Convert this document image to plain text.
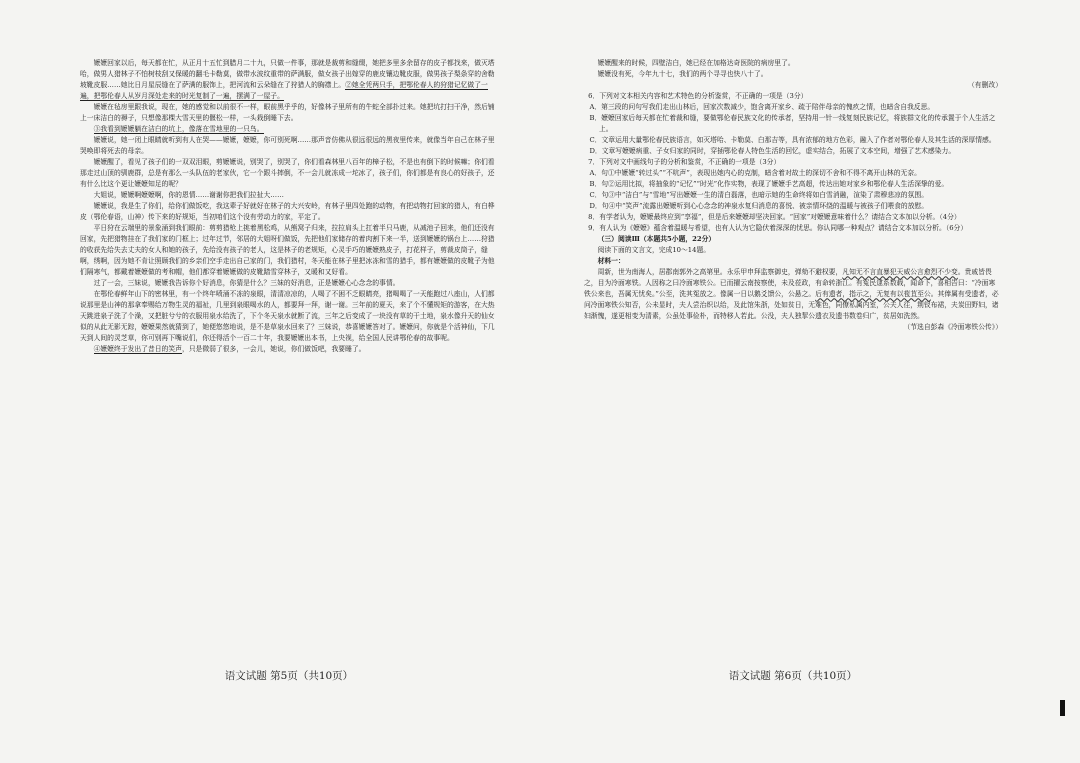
嬷嬷回家以后，每天都在忙，从正月十五忙到腊月二十九，只做一件事，那就是裁剪和缝缀，她把多里多余留存的皮子都找来，做灭塔哈，做男人猎林子不怕树枝刮又保暖的翻毛卡勒莫，做带水波纹重带的萨满服，做女孩子出嫁穿的鹿皮镶边靴皮服，做男孩子梨条穿的舍勒坡靴皮服……她比日月星辰缝在了萨满的服饰上，把河流和云朵缝在了狩猎人的胸襟上。②她全凭两只手，把鄂伦春人的狩猎记忆做了一遍，把鄂伦春人从岁月深处走来的时光复制了一遍，摆满了一屋子。

嬷嬷在毡房里跟我说，现在，她的感觉和以前很不一样，眼前黑乎乎的，好像林子里所有的牛蛇全部扑过来。她把坑打扫干净，然后铺上一床洁白的褥子，只想像那棵大雪天里的偃松一样，一头栽倒睡下去。

③我看到嬷嬷躺在洁白的坑上，像落在雪地里的一只鸟。

嬷嬷说，她一闭上眼睛就听到有人在哭——嬷嬷，嬷嬷，你可别死啊……那声音仿佛从很远很远的黑夜里传来，就像当年自己在林子里哭唤即将死去的母亲。

嬷嬷醒了，看见了孩子们的一双双泪眼，剪嬷嬷说，别哭了，别哭了，你们看森林里八百年的樟子松，不是也有倒下的时候嘛；你们看那走过山顶的驯鹿群，总是有那么一头队伍的老家伙，它一个跟斗摔倒，不一会儿就冻成一坨冰了，孩子们，你们都是有良心的好孩子，还有什么比这个更让嬷嬷知足的呢？

大姐说，嬷嬷啊嬷嬷啊，你的恩情……谢谢你把我们拉扯大……

嬷嬷说，我是生了你们，给你们做饭吃，我这辈子好就好在林子的大兴安岭，有林子里四处跑的动物，有把动物打回家的猎人，有白桦皮（鄂伦春语，山神）传下来的好规矩，当初咱们这个没有劳动力的家，平定了。

平日狩在云端里的景象涌到我们眼前：剪剪猎枪上挑着黑松鸡，从熊窝子归来，拉拉肩头上扛着半只马鹿，从减池子回来，他们还没有回家，先把猎物挂在了我们家的门框上；过年过节，邻居的大姐呀们做饭，先把他们家储存的着肉割下来一半，送到嬷嬷的锅台上……狩猎的收获先给失去丈夫的女人和她的孩子，先给没有孩子的老人，这是林子的老规矩，心灵手巧的嬷嬷熟皮子，打花样子，剪裁皮筒子，缝啊，绣啊，因为她不肯让照顾我们的乡亲们空手走出自己家的门，我们猎村，冬天能在林子里把冰冻和雪的猎手，都有嬷嬷做的皮靴子为他们隔寒气，都戴着嬷嬷做的考和帽，他们都穿着嬷嬷做的皮靴踏雪穿林子，又暖和又好看。

过了一会，三妹说，嬷嬷我告诉你个好消息，你猜是什么？三妹的好消息，正是嬷嬷心心念念的事情。

在鄂伦春鲜年山下的密林里，有一个终年喷涌不冻的泉眼，清清凉凉的，人喝了不困不乏眼睛亮，猪喝喝了一天能跑过八座山，人们都说那里是山神的那拿奉赐给万物生灵的福祉，几里到泉眼喝水的人，都要拜一拜，谢一谢。三年前的夏天，来了个不懂规矩的游客，在大热天跳进泉子洗了个澡，又把脏兮兮的衣服用泉水给洗了，下个冬天泉水就断了流，三年之后变成了一块没有草的干土地，泉水像升天的仙女似的从此无影无踪，嬷嬷果然就猜到了，她便悠悠地说，是不是草泉水回来了？三妹说，恭喜嬷嬷答对了。嬷嬷问，你就是个活神仙，下几天到人间的灵芝草，你可别再下嘴说们，你还得活个一百二十年，我要嬷嬷出本书，上央视，给全国人民讲鄂伦春的故事呢。

④嬷嬷终于发出了昔日的笑声，只是微弱了很多，一会儿，她说，你们做饭吧，我要睡了。

嬷嬷醒来的时候，四壁洁白，她已经在加格达奇医院的病房里了。

嬷嬷没有死，今年九十七，我们的两个寻寻也快八十了。

（有删改）

6．下列对文本相关内容和艺术特色的分析鉴赏，不正确的一项是（3分）

A．第三段的问句写我们走出山林后，回家次数减少，饱含离开家乡、疏于陪伴母亲的愧疚之情，也暗含自我反思。

B．嬷嬷回家后每天都在忙着裁和缝，要做鄂伦春民族文化的传承者，坚持用一针一线复刻民族记忆，将族群文化的传承置于个人生活之上。

C．文章运用大量鄂伦春民族语言，如灭塔哈、卡勒莫、白那吉等，具有浓郁的地方色彩，融入了作者对鄂伦春人及其生活的深厚情感。

D．文章写嬷嬷病重、子女归家的同时，穿插鄂伦春人特色生活的回忆，虚实结合，拓展了文本空间，增强了艺术感染力。

7．下列对文中画线句子的分析和鉴赏，不正确的一项是（3分）

A．句①中嬷嬷“转过头”“不吭声”，表现出她内心的克制，暗含着对故土的深切不舍和不得不离开山林的无奈。

B．句②运用比拟，将抽象的“记忆”“时光”化作实物，表现了嬷嬷手艺高超，传达出她对家乡和鄂伦春人生活深挚的爱。

C．句③中“洁白”与“雪地”写出嬷嬷一生的清白磊落，也暗示她的生命终将如白雪消融，渲染了肃穆悲凉的氛围。

D．句④中“笑声”流露出嬷嬷听到心心念念的神泉水复归消息的喜悦、被亲情环绕的温暖与被孩子们喂食的放慰。

8．有学者认为，嬷嬷最终应到“享福”，但是后来嬷嬷却坚决回家。“回家”对嬷嬷意味着什么？请结合文本加以分析。（4分）

9．有人认为《嬷嬷》蕴含着温暖与希望，也有人认为它隐伏着深深的忧思。你认同哪一种观点？请结合文本加以分析。（6分）

（三）阅读Ⅲ（本题共5小题，22分）

阅读下面的文言文，完成10～14题。

材料一：

周新，世为南海人，居郡南郭外之高第里。永乐甲申拜监察御史，弹劾不避权要，凡知无不言直暴犯天威公言愈烈不少变。贵戚皆畏之，目为冷面寒铁。人因称之曰冷面寒铁公。已而擢云南按察使，未及莅政，有命转浙江。有冤民逮系数载，闻命下，喜相告曰：“冷面寒铁公来也，吾属无忧矣。”公至，洗其冤放之。像属一日以鹅爻馈公，公悬之。后有遗者，指示之，无复有以苞苴至公。其俸属有受遗者，必问冷面寒铁公知否，公未显时，夫人尝治织以给，及此馆朱浙，处如贫日，无难色，同僚私属内室，公夫人往，荆钗布裙，夫炭田野妇，诸妇渐愧，遂更相变为清素，公虽处事俭朴，而特移人若此。公没，夫人独挈公遗衣及遗书数卷归广，贫居如洗然。

（节选自彭森《冷面寒铁公传》）

语文试题 第5页（共10页）	语文试题 第6页（共10页）
